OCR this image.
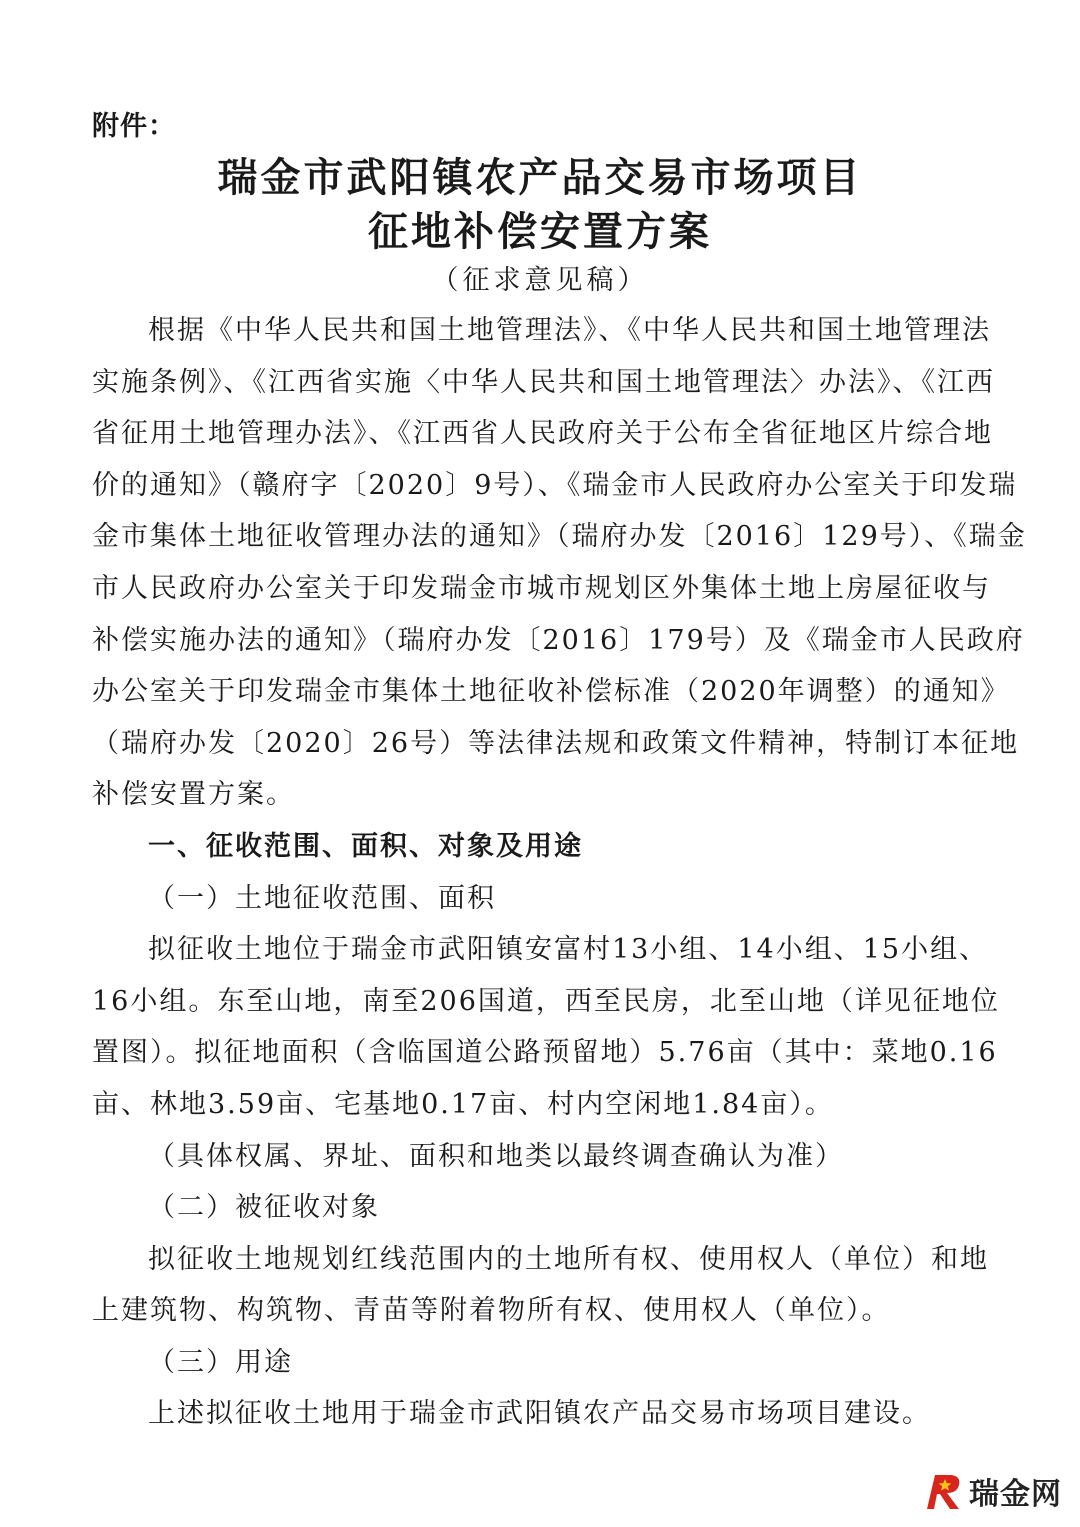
附件：
瑞金市武阳镇农产品交易市场项目
征地补偿安置方案
（征求意见稿）
根据《中华人民共和国土地管理法》、《中华人民共和国土地管理法
实施条例》、《江西省实施〈中华人民共和国土地管理法〉办法》、《江西
省征用土地管理办法》、《江西省人民政府关于公布全省征地区片综合地
价的通知》（赣府字〔2020〕9号）、《瑞金市人民政府办公室关于印发瑞
金市集体土地征收管理办法的通知》（瑞府办发〔2016〕129号）、《瑞金
市人民政府办公室关于印发瑞金市城市规划区外集体土地上房屋征收与
补偿实施办法的通知》（瑞府办发〔2016〕179号）及《瑞金市人民政府
办公室关于印发瑞金市集体土地征收补偿标准（2020年调整）的通知》
（瑞府办发〔2020〕26号）等法律法规和政策文件精神，特制订本征地
补偿安置方案。
一、征收范围、面积、对象及用途
（一）土地征收范围、面积
拟征收土地位于瑞金市武阳镇安富村13小组、14小组、15小组、
16小组。东至山地，南至206国道，西至民房，北至山地（详见征地位
置图）。拟征地面积（含临国道公路预留地）5.76亩（其中：菜地0.16
亩、林地3.59亩、宅基地0.17亩、村内空闲地1.84亩）。
（具体权属、界址、面积和地类以最终调查确认为准）
（二）被征收对象
拟征收土地规划红线范围内的土地所有权、使用权人（单位）和地
上建筑物、构筑物、青苗等附着物所有权、使用权人（单位）。
（三）用途
上述拟征收土地用于瑞金市武阳镇农产品交易市场项目建设。
瑞金网
